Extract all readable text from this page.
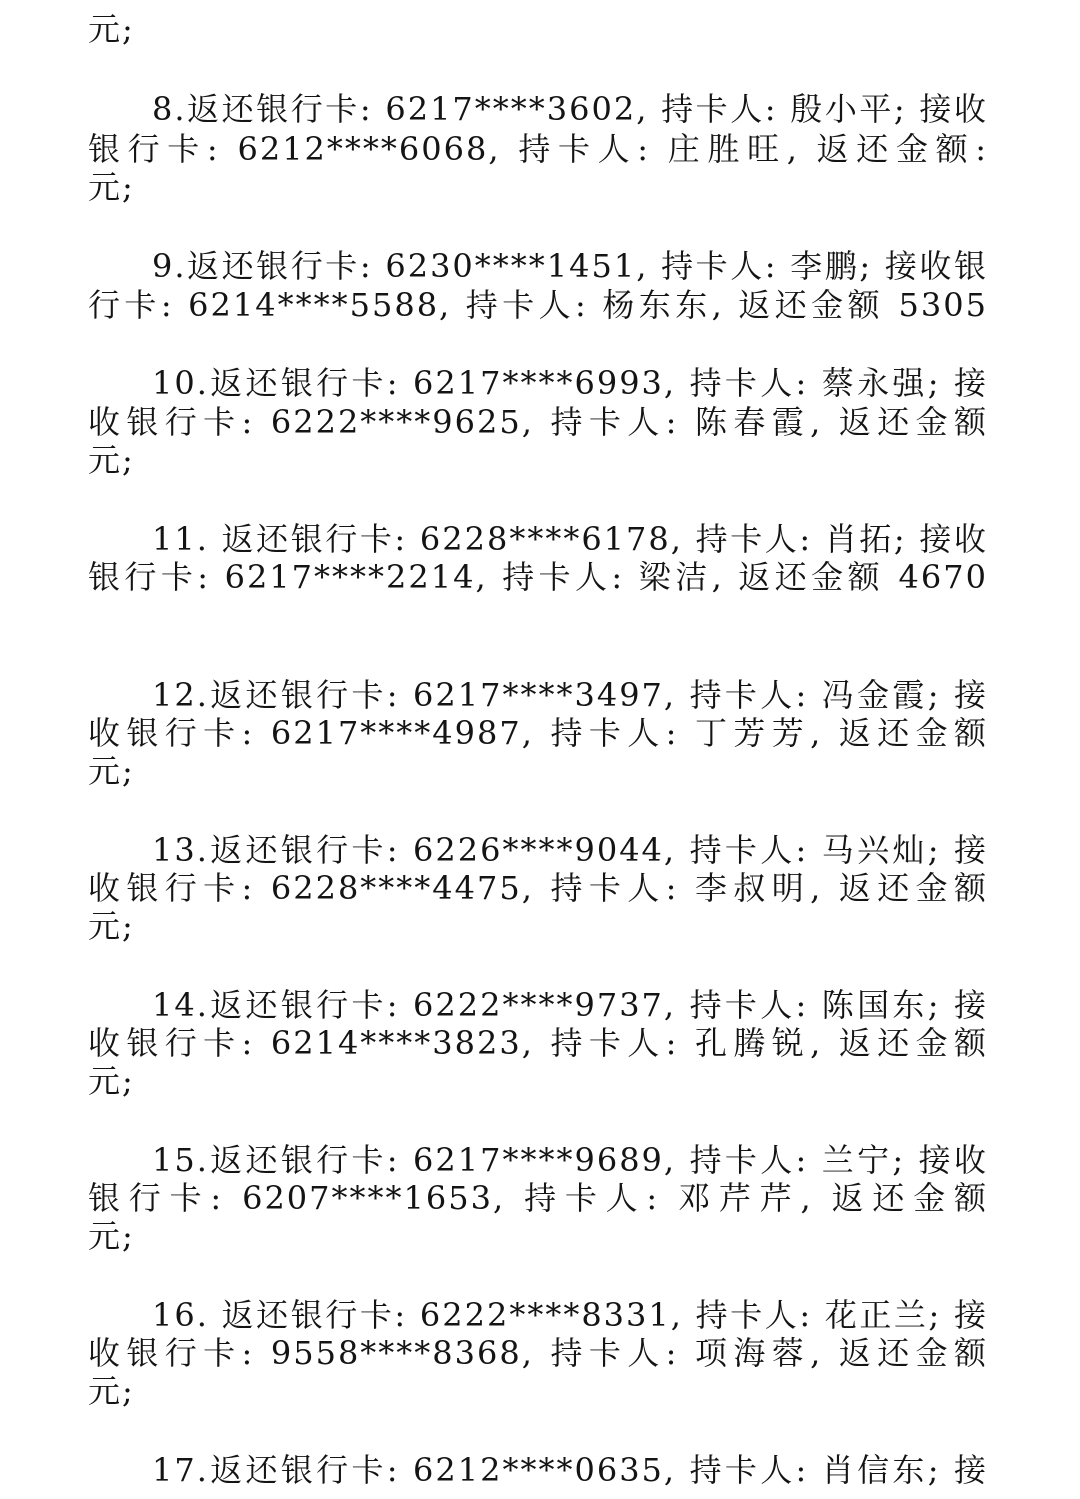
元;
8.返还银行卡: 6217****3602, 持卡人: 殷小平; 接收
银行卡: 6212****6068, 持卡人: 庄胜旺, 返还金额:
元;
9.返还银行卡: 6230****1451, 持卡人: 李鹏; 接收银
行卡: 6214****5588, 持卡人: 杨东东, 返还金额 5305
10.返还银行卡: 6217****6993, 持卡人: 蔡永强; 接
收银行卡: 6222****9625, 持卡人: 陈春霞, 返还金额
元;
11. 返还银行卡: 6228****6178, 持卡人: 肖拓; 接收
银行卡: 6217****2214, 持卡人: 梁洁, 返还金额 4670
12.返还银行卡: 6217****3497, 持卡人: 冯金霞; 接
收银行卡: 6217****4987, 持卡人: 丁芳芳, 返还金额
元;
13.返还银行卡: 6226****9044, 持卡人: 马兴灿; 接
收银行卡: 6228****4475, 持卡人: 李叔明, 返还金额
元;
14.返还银行卡: 6222****9737, 持卡人: 陈国东; 接
收银行卡: 6214****3823, 持卡人: 孔腾锐, 返还金额
元;
15.返还银行卡: 6217****9689, 持卡人: 兰宁; 接收
银行卡: 6207****1653, 持卡人: 邓芹芹, 返还金额
元;
16. 返还银行卡: 6222****8331, 持卡人: 花正兰; 接
收银行卡: 9558****8368, 持卡人: 项海蓉, 返还金额
元;
17.返还银行卡: 6212****0635, 持卡人: 肖信东; 接
